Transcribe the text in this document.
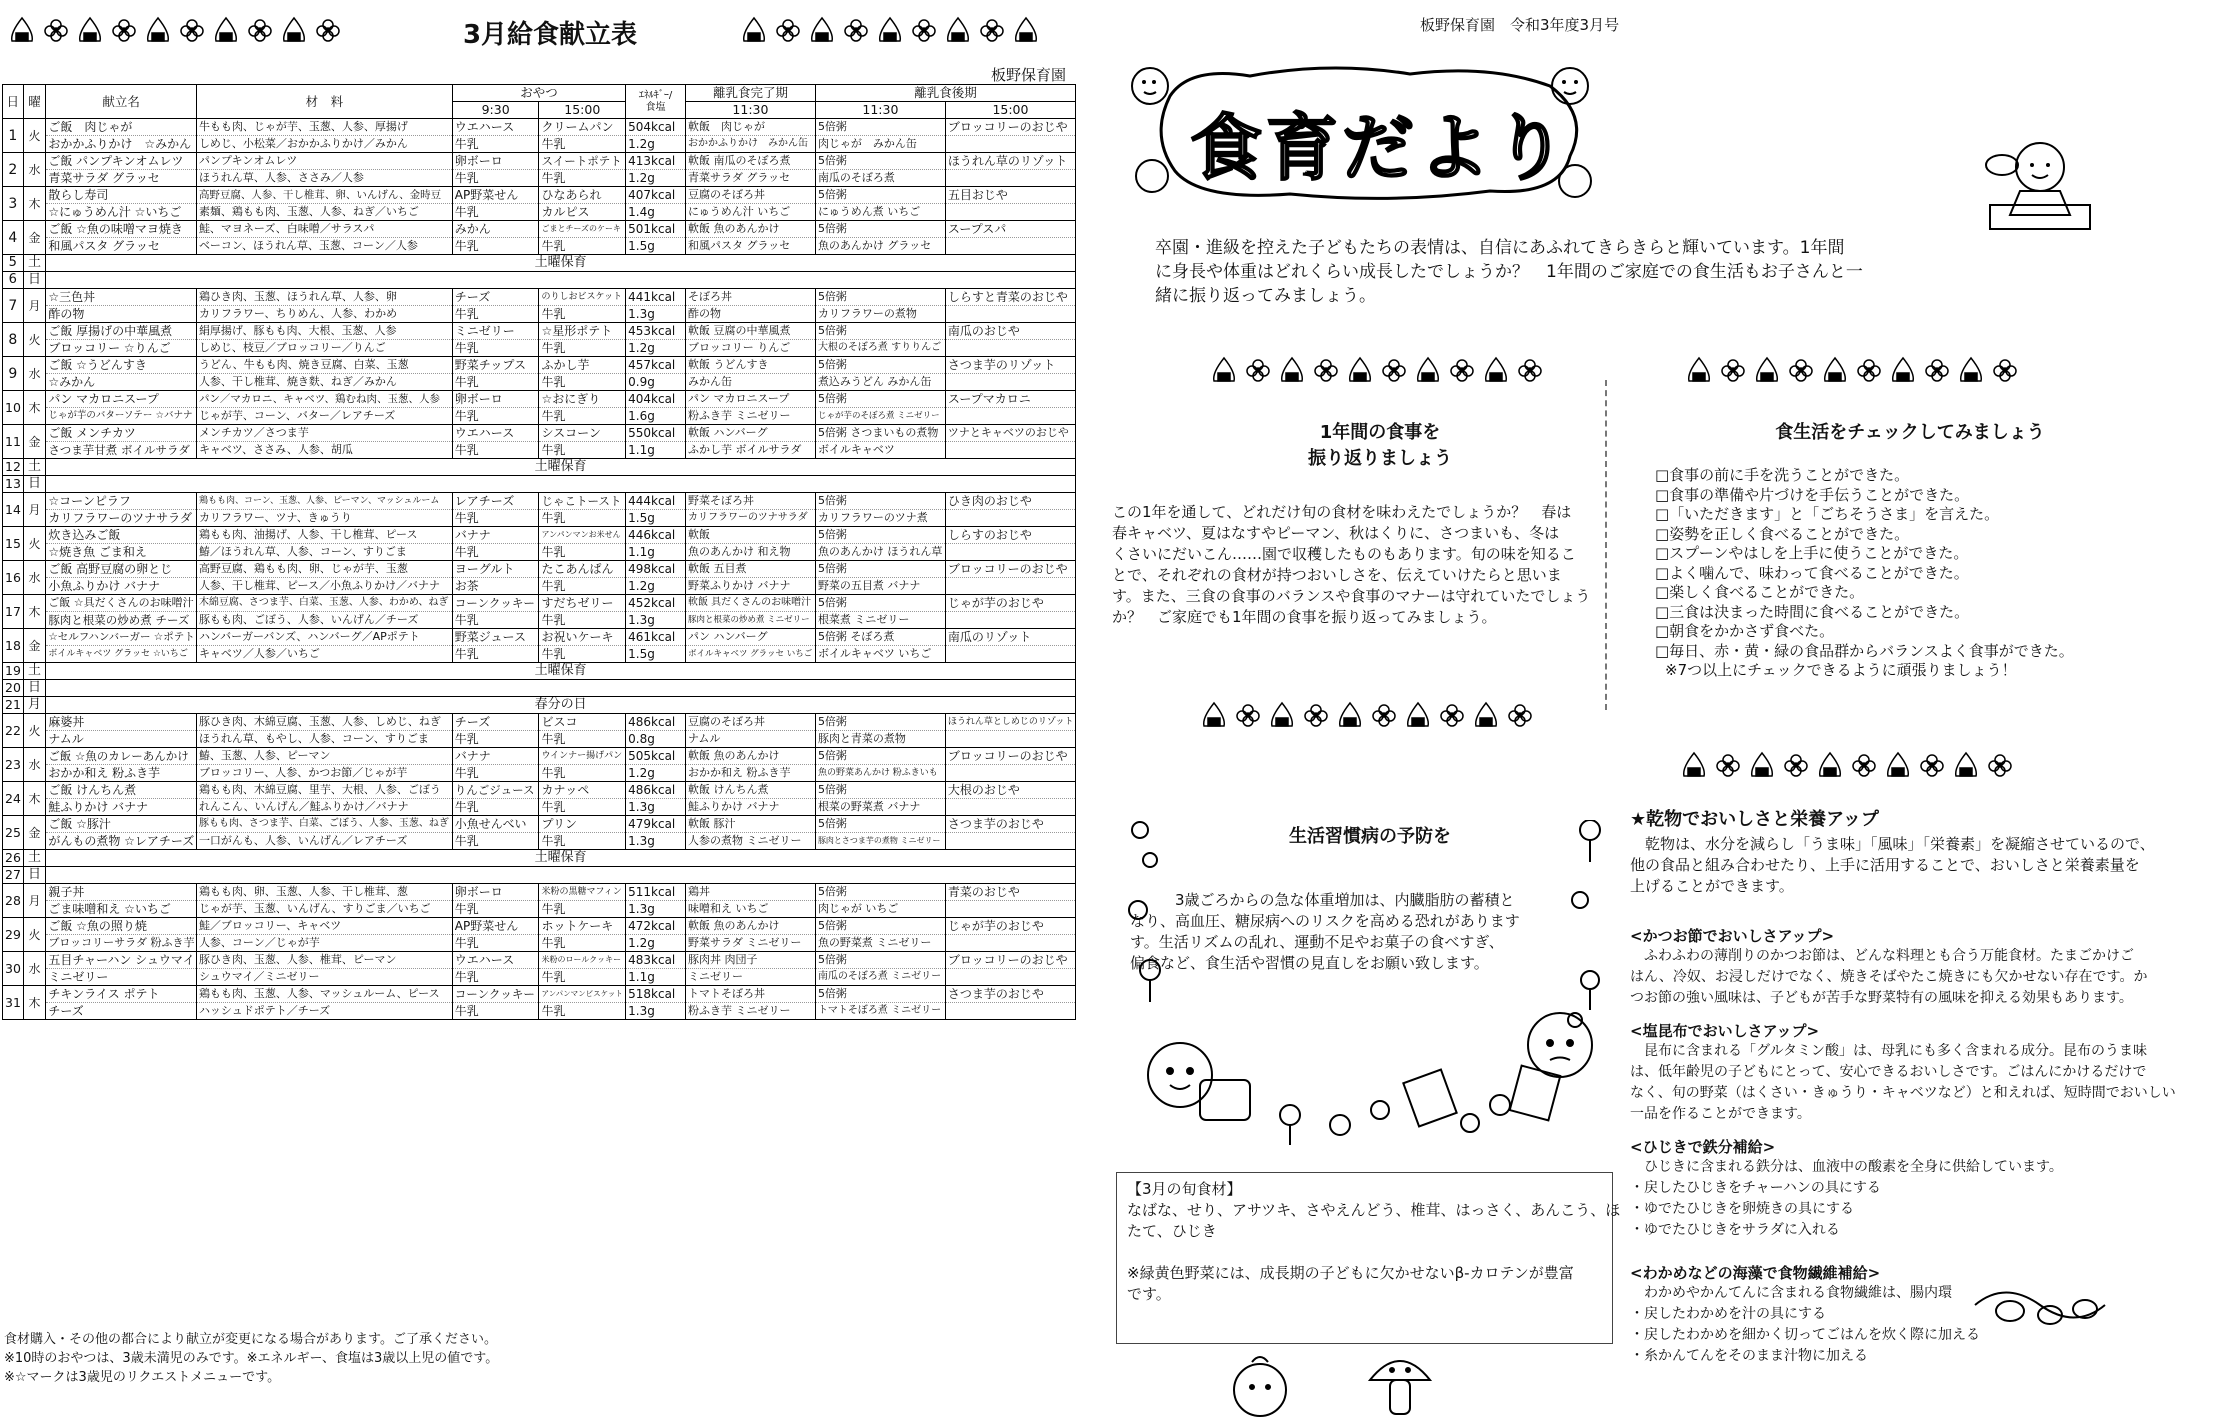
3月給食献立表
板野保育園
日	曜	献立名	材　料	おやつ		ｴﾈﾙｷﾞｰ/
食塩	離乳食完了期	離乳食後期	
				9:30	15:00		11:30	11:30	15:00
1	火	ご飯　肉じゃが	牛もも肉、じゃが芋、玉葱、人参、厚揚げ	ウエハース	クリームパン	504kcal	軟飯　肉じゃが	5倍粥	ブロッコリーのおじや
		おかかふりかけ　☆みかん	しめじ、小松菜／おかかふりかけ／みかん	牛乳	牛乳	1.2g	おかかふりかけ　みかん缶	肉じゃが　みかん缶	
2	水	ご飯 パンプキンオムレツ	パンプキンオムレツ	卵ボーロ	スイートポテト	413kcal	軟飯 南瓜のそぼろ煮	5倍粥	ほうれん草のリゾット
		青菜サラダ グラッセ	ほうれん草、人参、ささみ／人参	牛乳	牛乳	1.2g	青菜サラダ グラッセ	南瓜のそぼろ煮	
3	木	散らし寿司	高野豆腐、人参、干し椎茸、卵、いんげん、金時豆	AP野菜せん	ひなあられ	407kcal	豆腐のそぼろ丼	5倍粥	五目おじや
		☆にゅうめん汁 ☆いちご	素麺、鶏もも肉、玉葱、人参、ねぎ／いちご	牛乳	カルピス	1.4g	にゅうめん汁 いちご	にゅうめん煮 いちご	
4	金	ご飯 ☆魚の味噌マヨ焼き	鮭、マヨネーズ、白味噌／サラスパ	みかん	ごまとチーズのケーキ	501kcal	軟飯 魚のあんかけ	5倍粥	スープスパ
		和風パスタ グラッセ	ベーコン、ほうれん草、玉葱、コーン／人参	牛乳	牛乳	1.5g	和風パスタ グラッセ	魚のあんかけ グラッセ	
5	土	土曜保育							
6	日								
7	月	☆三色丼	鶏ひき肉、玉葱、ほうれん草、人参、卵	チーズ	のりしおビスケット	441kcal	そぼろ丼	5倍粥	しらすと青菜のおじや
		酢の物	カリフラワー、ちりめん、人参、わかめ	牛乳	牛乳	1.3g	酢の物	カリフラワーの煮物	
8	火	ご飯 厚揚げの中華風煮	絹厚揚げ、豚もも肉、大根、玉葱、人参	ミニゼリー	☆星形ポテト	453kcal	軟飯 豆腐の中華風煮	5倍粥	南瓜のおじや
		ブロッコリー ☆りんご	しめじ、枝豆／ブロッコリー／りんご	牛乳	牛乳	1.2g	ブロッコリー りんご	大根のそぼろ煮 すりりんご	
9	水	ご飯 ☆うどんすき	うどん、牛もも肉、焼き豆腐、白菜、玉葱	野菜チップス	ふかし芋	457kcal	軟飯 うどんすき	5倍粥	さつま芋のリゾット
		☆みかん	人参、干し椎茸、焼き麩、ねぎ／みかん	牛乳	牛乳	0.9g	みかん缶	煮込みうどん みかん缶	
10	木	パン マカロニスープ	パン／マカロニ、キャベツ、鶏むね肉、玉葱、人参	卵ボーロ	☆おにぎり	404kcal	パン マカロニスープ	5倍粥	スープマカロニ
		じゃが芋のバターソテー ☆バナナ	じゃが芋、コーン、バター／レアチーズ	牛乳	牛乳	1.6g	粉ふき芋 ミニゼリー	じゃが芋のそぼろ煮 ミニゼリー	
11	金	ご飯 メンチカツ	メンチカツ／さつま芋	ウエハース	シスコーン	550kcal	軟飯 ハンバーグ	5倍粥 さつまいもの煮物	ツナとキャベツのおじや
		さつま芋甘煮 ボイルサラダ	キャベツ、ささみ、人参、胡瓜	牛乳	牛乳	1.1g	ふかし芋 ボイルサラダ	ボイルキャベツ	
12	土	土曜保育							
13	日								
14	月	☆コーンピラフ	鶏もも肉、コーン、玉葱、人参、ピーマン、マッシュルーム	レアチーズ	じゃこトースト	444kcal	野菜そぼろ丼	5倍粥	ひき肉のおじや
		カリフラワーのツナサラダ	カリフラワー、ツナ、きゅうり	牛乳	牛乳	1.5g	カリフラワーのツナサラダ	カリフラワーのツナ煮	
15	火	炊き込みご飯	鶏もも肉、油揚げ、人参、干し椎茸、ピース	バナナ	アンパンマンお米せん	446kcal	軟飯	5倍粥	しらすのおじや
		☆焼き魚 ごま和え	鰆／ほうれん草、人参、コーン、すりごま	牛乳	牛乳	1.1g	魚のあんかけ 和え物	魚のあんかけ ほうれん草	
16	水	ご飯 高野豆腐の卵とじ	高野豆腐、鶏もも肉、卵、じゃが芋、玉葱	ヨーグルト	たこあんぱん	498kcal	軟飯 五目煮	5倍粥	ブロッコリーのおじや
		小魚ふりかけ バナナ	人参、干し椎茸、ピース／小魚ふりかけ／バナナ	お茶	牛乳	1.2g	野菜ふりかけ バナナ	野菜の五目煮 バナナ	
17	木	ご飯 ☆具だくさんのお味噌汁	木綿豆腐、さつま芋、白菜、玉葱、人参、わかめ、ねぎ	コーンクッキー	すだちゼリー	452kcal	軟飯 具だくさんのお味噌汁	5倍粥	じゃが芋のおじや
		豚肉と根菜の炒め煮 チーズ	豚もも肉、ごぼう、人参、いんげん／チーズ	牛乳	牛乳	1.3g	豚肉と根菜の炒め煮 ミニゼリー	根菜煮 ミニゼリー	
18	金	☆セルフハンバーガー ☆ポテト	ハンバーガーバンズ、ハンバーグ／APポテト	野菜ジュース	お祝いケーキ	461kcal	パン ハンバーグ	5倍粥 そぼろ煮	南瓜のリゾット
		ボイルキャベツ グラッセ ☆いちご	キャベツ／人参／いちご	牛乳	牛乳	1.5g	ボイルキャベツ グラッセ いちご	ボイルキャベツ いちご	
19	土	土曜保育							
20	日								
21	月	春分の日							
22	火	麻婆丼	豚ひき肉、木綿豆腐、玉葱、人参、しめじ、ねぎ	チーズ	ビスコ	486kcal	豆腐のそぼろ丼	5倍粥	ほうれん草としめじのリゾット
		ナムル	ほうれん草、もやし、人参、コーン、すりごま	牛乳	牛乳	0.8g	ナムル	豚肉と青菜の煮物	
23	水	ご飯 ☆魚のカレーあんかけ	鰆、玉葱、人参、ピーマン	バナナ	ウインナー揚げパン	505kcal	軟飯 魚のあんかけ	5倍粥	ブロッコリーのおじや
		おかか和え 粉ふき芋	ブロッコリー、人参、かつお節／じゃが芋	牛乳	牛乳	1.2g	おかか和え 粉ふき芋	魚の野菜あんかけ 粉ふきいも	
24	木	ご飯 けんちん煮	鶏もも肉、木綿豆腐、里芋、大根、人参、ごぼう	りんごジュース	カナッペ	486kcal	軟飯 けんちん煮	5倍粥	大根のおじや
		鮭ふりかけ バナナ	れんこん、いんげん／鮭ふりかけ／バナナ	牛乳	牛乳	1.3g	鮭ふりかけ バナナ	根菜の野菜煮 バナナ	
25	金	ご飯 ☆豚汁	豚もも肉、さつま芋、白菜、ごぼう、人参、玉葱、ねぎ	小魚せんべい	プリン	479kcal	軟飯 豚汁	5倍粥	さつま芋のおじや
		がんもの煮物 ☆レアチーズ	一口がんも、人参、いんげん／レアチーズ	牛乳	牛乳	1.3g	人参の煮物 ミニゼリー	豚肉とさつま芋の煮物 ミニゼリー	
26	土	土曜保育							
27	日								
28	月	親子丼	鶏もも肉、卵、玉葱、人参、干し椎茸、葱	卵ボーロ	米粉の黒糖マフィン	511kcal	鶏丼	5倍粥	青菜のおじや
		ごま味噌和え ☆いちご	じゃが芋、玉葱、いんげん、すりごま／いちご	牛乳	牛乳	1.3g	味噌和え いちご	肉じゃが いちご	
29	火	ご飯 ☆魚の照り焼	鮭／ブロッコリー、キャベツ	AP野菜せん	ホットケーキ	472kcal	軟飯 魚のあんかけ	5倍粥	じゃが芋のおじや
		ブロッコリーサラダ 粉ふき芋	人参、コーン／じゃが芋	牛乳	牛乳	1.2g	野菜サラダ ミニゼリー	魚の野菜煮 ミニゼリー	
30	水	五目チャーハン シュウマイ	豚ひき肉、玉葱、人参、椎茸、ピーマン	ウエハース	米粉のロールクッキー	483kcal	豚肉丼 肉団子	5倍粥	ブロッコリーのおじや
		ミニゼリー	シュウマイ／ミニゼリー	牛乳	牛乳	1.1g	ミニゼリー	南瓜のそぼろ煮 ミニゼリー	
31	木	チキンライス ポテト	鶏もも肉、玉葱、人参、マッシュルーム、ピース	コーンクッキー	アンパンマンビスケット	518kcal	トマトそぼろ丼	5倍粥	さつま芋のおじや
		チーズ	ハッシュドポテト／チーズ	牛乳	牛乳	1.3g	粉ふき芋 ミニゼリー	トマトそぼろ煮 ミニゼリー	
食材購入・その他の都合により献立が変更になる場合があります。ご了承ください。
※10時のおやつは、3歳未満児のみです。※エネルギー、食塩は3歳以上児の値です。
※☆マークは3歳児のリクエストメニューです。
板野保育園　令和3年度3月号
食育だより
卒園・進級を控えた子どもたちの表情は、自信にあふれてきらきらと輝いています。1年間
に身長や体重はどれくらい成長したでしょうか？　1年間のご家庭での食生活もお子さんと一
緒に振り返ってみましょう。
1年間の食事を
振り返りましょう
この1年を通して、どれだけ旬の食材を味わえたでしょうか？　春は
春キャベツ、夏はなすやピーマン、秋はくりに、さつまいも、冬は
くさいにだいこん……園で収穫したものもあります。旬の味を知るこ
とで、それぞれの食材が持つおいしさを、伝えていけたらと思いま
す。また、三食の食事のバランスや食事のマナーは守れていたでしょう
か？　ご家庭でも1年間の食事を振り返ってみましょう。
食生活をチェックしてみましょう
□食事の前に手を洗うことができた。
□食事の準備や片づけを手伝うことができた。
□「いただきます」と「ごちそうさま」を言えた。
□姿勢を正しく食べることができた。
□スプーンやはしを上手に使うことができた。
□よく噛んで、味わって食べることができた。
□楽しく食べることができた。
□三食は決まった時間に食べることができた。
□朝食をかかさず食べた。
□毎日、赤・黄・緑の食品群からバランスよく食事ができた。
※7つ以上にチェックできるように頑張りましょう！
生活習慣病の予防を
3歳ごろからの急な体重増加は、内臓脂肪の蓄積と
なり、高血圧、糖尿病へのリスクを高める恐れがあります
す。生活リズムの乱れ、運動不足やお菓子の食べすぎ、
偏食など、食生活や習慣の見直しをお願い致します。
【3月の旬食材】
なばな、せり、アサツキ、さやえんどう、椎茸、はっさく、あんこう、ほ
たて、ひじき

※緑黄色野菜には、成長期の子どもに欠かせないβ-カロテンが豊富
です。
★乾物でおいしさと栄養アップ
　乾物は、水分を減らし「うま味」「風味」「栄養素」を凝縮させているので、
他の食品と組み合わせたり、上手に活用することで、おいしさと栄養素量を
上げることができます。
<かつお節でおいしさアップ>
　ふわふわの薄削りのかつお節は、どんな料理とも合う万能食材。たまごかけご
はん、冷奴、お浸しだけでなく、焼きそばやたこ焼きにも欠かせない存在です。か
つお節の強い風味は、子どもが苦手な野菜特有の風味を抑える効果もあります。
<塩昆布でおいしさアップ>
　昆布に含まれる「グルタミン酸」は、母乳にも多く含まれる成分。昆布のうま味
は、低年齢児の子どもにとって、安心できるおいしさです。ごはんにかけるだけで
なく、旬の野菜（はくさい・きゅうり・キャベツなど）と和えれば、短時間でおいしい
一品を作ることができます。
<ひじきで鉄分補給>
　ひじきに含まれる鉄分は、血液中の酸素を全身に供給しています。
・戻したひじきをチャーハンの具にする
・ゆでたひじきを卵焼きの具にする
・ゆでたひじきをサラダに入れる
<わかめなどの海藻で食物繊維補給>
　わかめやかんてんに含まれる食物繊維は、腸内環
・戻したわかめを汁の具にする
・戻したわかめを細かく切ってごはんを炊く際に加える
・糸かんてんをそのまま汁物に加える
